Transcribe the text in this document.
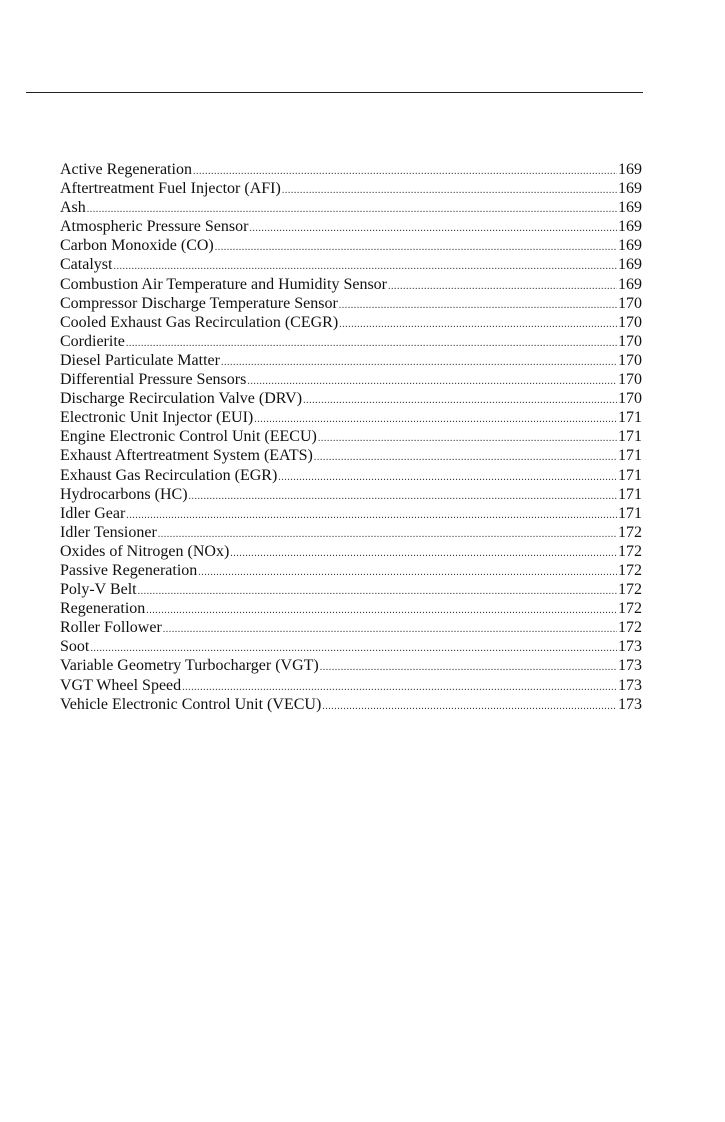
Active Regeneration .....	169
Aftertreatment Fuel Injector (AFI) .....	169
Ash .....	169
Atmospheric Pressure Sensor .....	169
Carbon Monoxide (CO) .....	169
Catalyst .....	169
Combustion Air Temperature and Humidity Sensor .....	169
Compressor Discharge Temperature Sensor .....	170
Cooled Exhaust Gas Recirculation (CEGR) .....	170
Cordierite .....	170
Diesel Particulate Matter .....	170
Differential Pressure Sensors .....	170
Discharge Recirculation Valve (DRV) .....	170
Electronic Unit Injector (EUI) .....	171
Engine Electronic Control Unit (EECU) .....	171
Exhaust Aftertreatment System (EATS) .....	171
Exhaust Gas Recirculation (EGR) .....	171
Hydrocarbons (HC) .....	171
Idler Gear .....	171
Idler Tensioner .....	172
Oxides of Nitrogen (NOx) .....	172
Passive Regeneration .....	172
Poly-V Belt .....	172
Regeneration .....	172
Roller Follower .....	172
Soot .....	173
Variable Geometry Turbocharger (VGT) .....	173
VGT Wheel Speed .....	173
Vehicle Electronic Control Unit (VECU) .....	173
